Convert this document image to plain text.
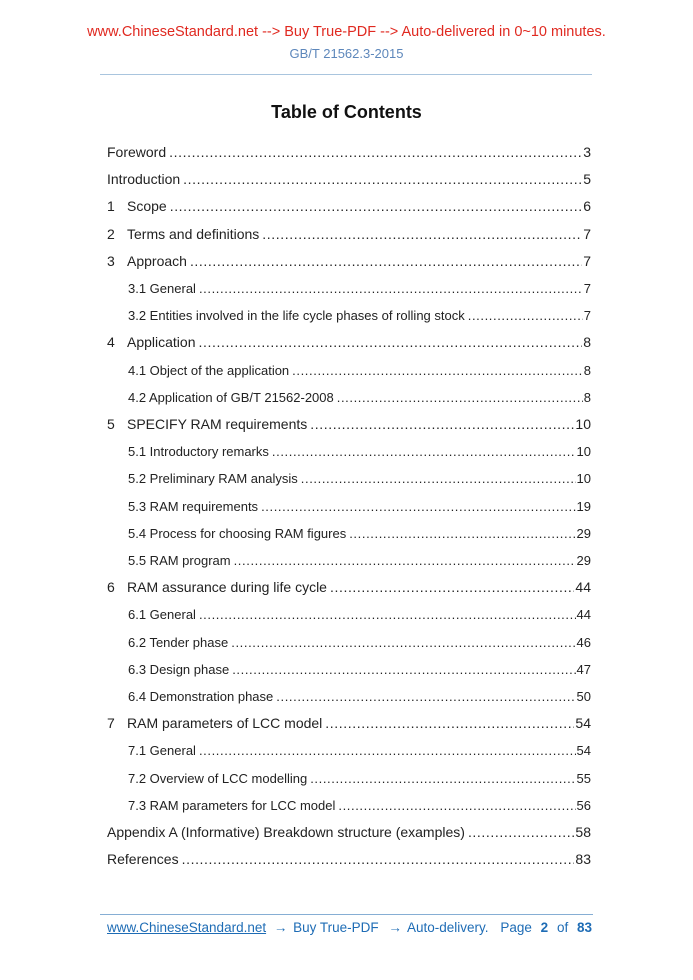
www.ChineseStandard.net --> Buy True-PDF --> Auto-delivered in 0~10 minutes.
GB/T 21562.3-2015
Table of Contents
Foreword .....	3
Introduction .....	5
1 Scope .....	6
2 Terms and definitions .....	7
3 Approach .....	7
3.1 General .....	7
3.2 Entities involved in the life cycle phases of rolling stock .....	7
4 Application .....	8
4.1 Object of the application .....	8
4.2 Application of GB/T 21562-2008 .....	8
5 SPECIFY RAM requirements .....	10
5.1 Introductory remarks .....	10
5.2 Preliminary RAM analysis .....	10
5.3 RAM requirements .....	19
5.4 Process for choosing RAM figures .....	29
5.5 RAM program .....	29
6 RAM assurance during life cycle .....	44
6.1 General .....	44
6.2 Tender phase .....	46
6.3 Design phase .....	47
6.4 Demonstration phase .....	50
7 RAM parameters of LCC model .....	54
7.1 General .....	54
7.2 Overview of LCC modelling .....	55
7.3 RAM parameters for LCC model .....	56
Appendix A (Informative) Breakdown structure (examples) .....	58
References .....	83
www.ChineseStandard.net → Buy True-PDF → Auto-delivery. Page 2 of 83
